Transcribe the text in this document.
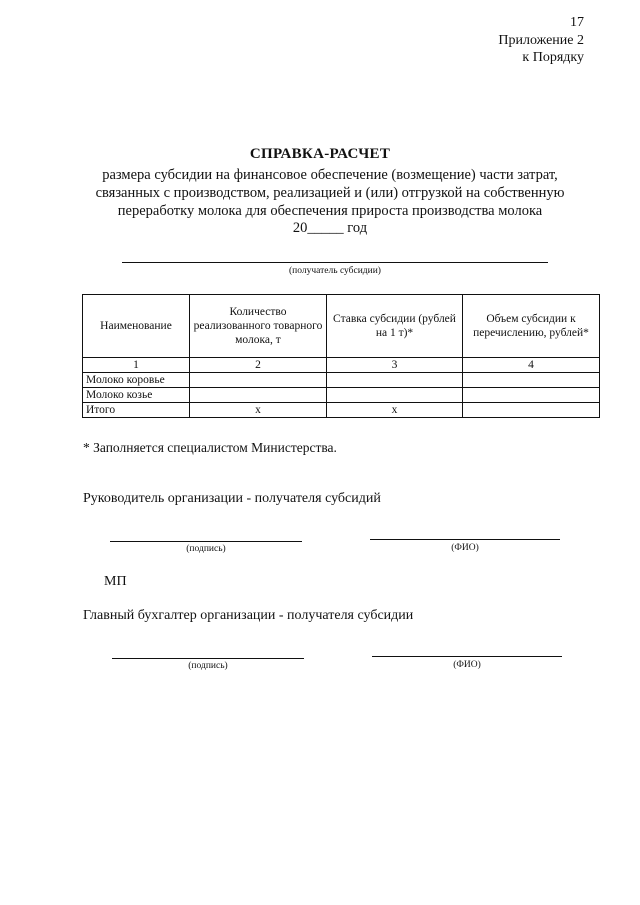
17
Приложение 2
к Порядку
СПРАВКА-РАСЧЕТ
размера субсидии на финансовое обеспечение (возмещение) части затрат,
связанных с производством, реализацией и (или) отгрузкой на собственную
переработку молока для обеспечения прироста производства молока
20_____ год
(получатель субсидии)
Наименование	Количество реализованного товарного молока, т	Ставка субсидии (рублей на 1 т)*	Объем субсидии к перечислению, рублей*
1	2	3	4
Молоко коровье			
Молоко козье			
Итого	х	х	
* Заполняется специалистом Министерства.
Руководитель организации - получателя субсидий
(подпись)	(ФИО)
МП
Главный бухгалтер организации - получателя субсидии
(подпись)	(ФИО)
